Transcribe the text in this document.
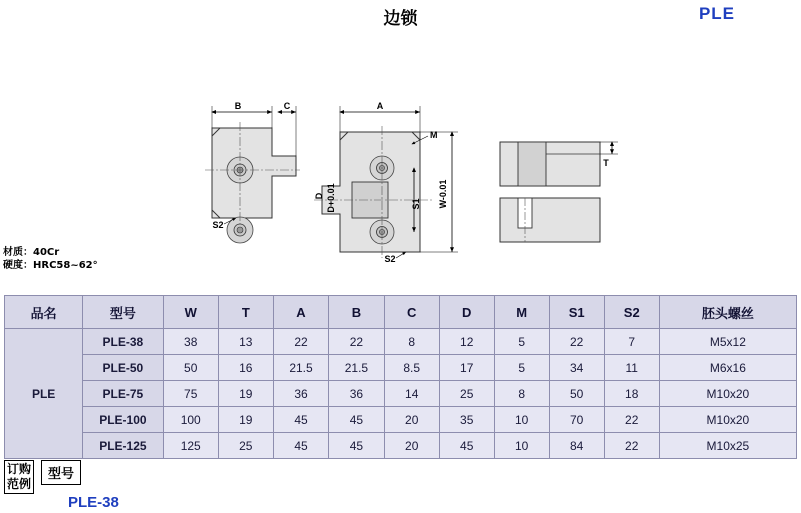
边锁	PLE
B	C
S2
A
M
S1 W-0.01
D+0.01
D
S2
T
材质：40Cr
硬度：HRC58~62°
品名	型号	W	T	A	B	C	D	M	S1	S2	胚头螺丝
PLE	PLE-38	38	13	22	22	8	12	5	22	7	M5x12
	PLE-50	50	16	21.5	21.5	8.5	17	5	34	11	M6x16
	PLE-75	75	19	36	36	14	25	8	50	18	M10x20
	PLE-100	100	19	45	45	20	35	10	70	22	M10x20
	PLE-125	125	25	45	45	20	45	10	84	22	M10x25
订购
范例
型号
PLE-38
